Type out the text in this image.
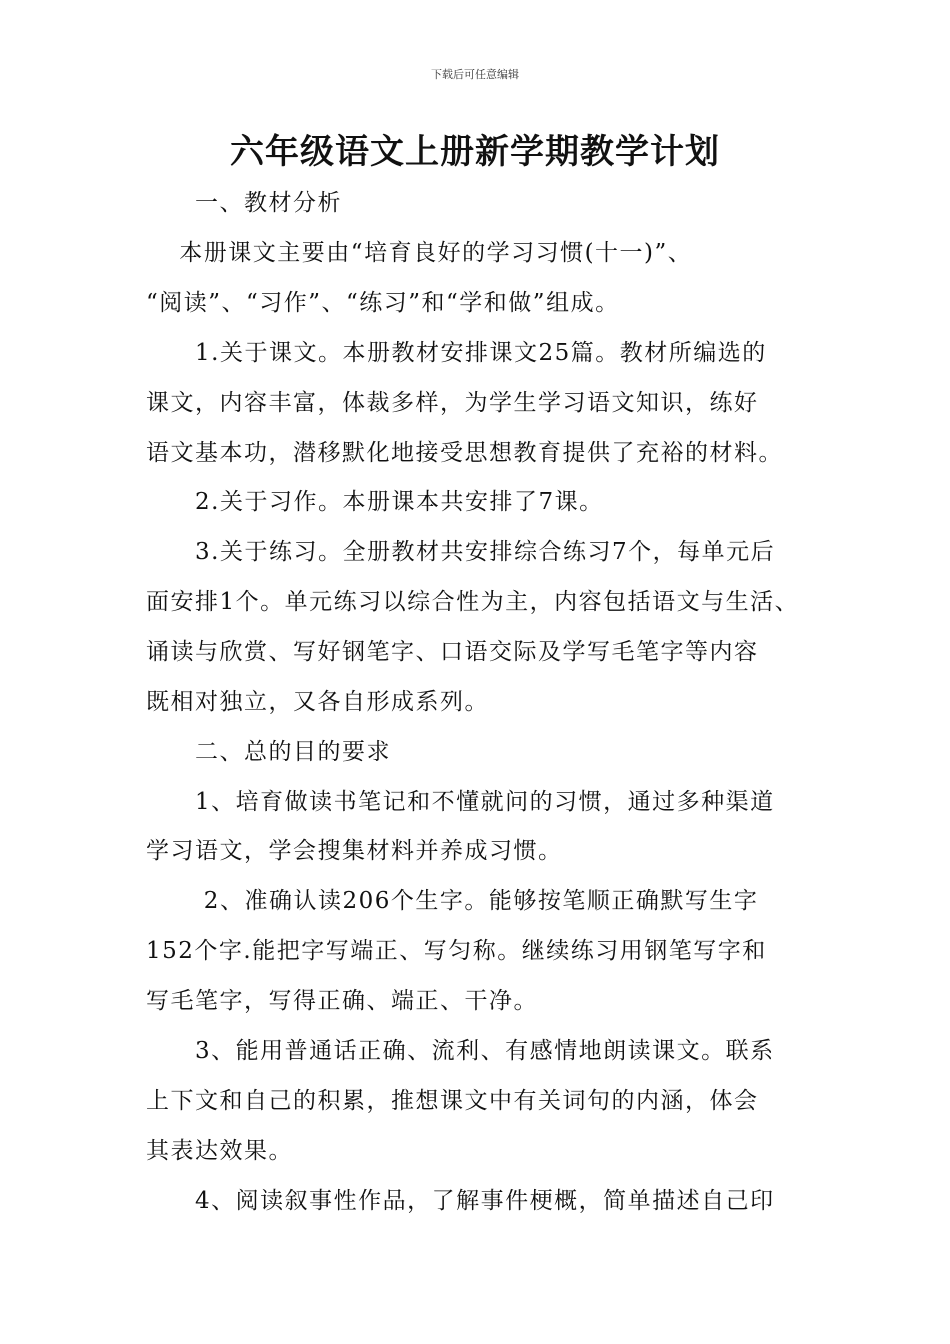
下载后可任意编辑
六年级语文上册新学期教学计划
　　一、教材分析
　 本册课文主要由“培育良好的学习习惯(十一)”、
“阅读”、“习作”、“练习”和“学和做”组成。
　　1.关于课文。本册教材安排课文25篇。教材所编选的
课文，内容丰富，体裁多样，为学生学习语文知识，练好
语文基本功，潜移默化地接受思想教育提供了充裕的材料。
　　2.关于习作。本册课本共安排了7课。
　　3.关于练习。全册教材共安排综合练习7个，每单元后
面安排1个。单元练习以综合性为主，内容包括语文与生活、
诵读与欣赏、写好钢笔字、口语交际及学写毛笔字等内容
既相对独立，又各自形成系列。
　　二、总的目的要求
　　1、培育做读书笔记和不懂就问的习惯，通过多种渠道
学习语文，学会搜集材料并养成习惯。
　　 2、准确认读206个生字。能够按笔顺正确默写生字
152个字.能把字写端正、写匀称。继续练习用钢笔写字和
写毛笔字，写得正确、端正、干净。
　　3、能用普通话正确、流利、有感情地朗读课文。联系
上下文和自己的积累，推想课文中有关词句的内涵，体会
其表达效果。
　　4、阅读叙事性作品，了解事件梗概，简单描述自己印
